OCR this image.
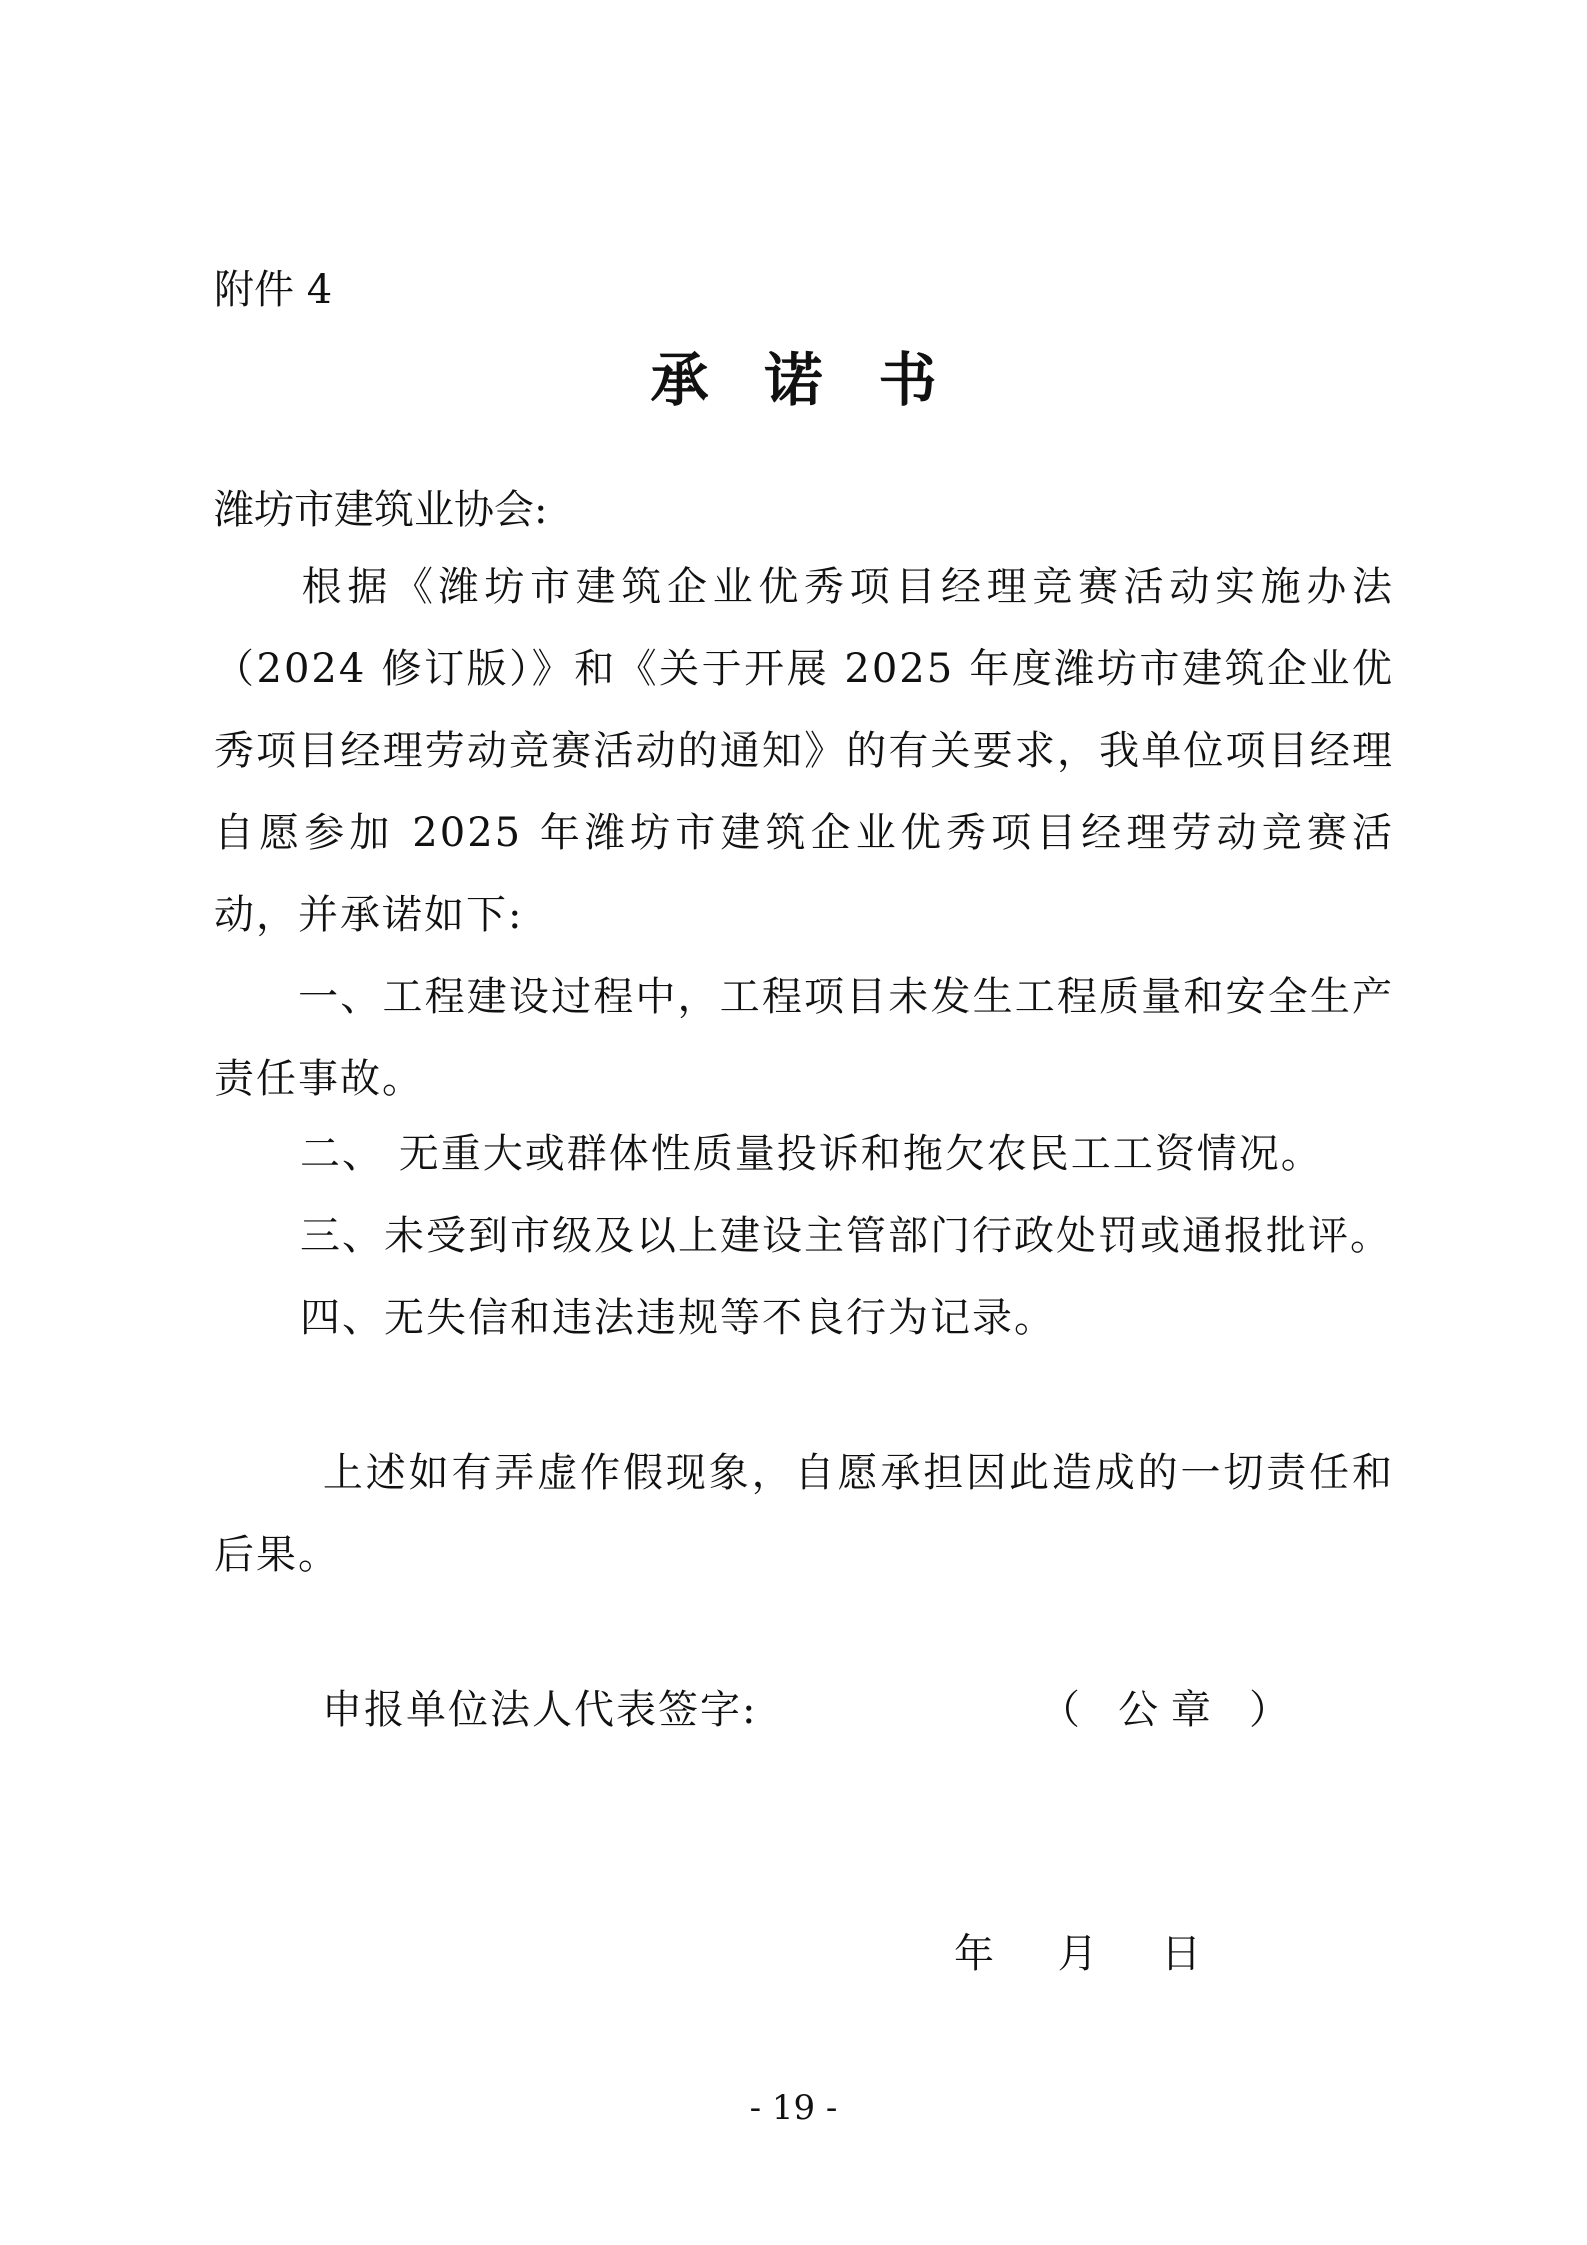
附件 4
承诺书
潍坊市建筑业协会:
根据《潍坊市建筑企业优秀项目经理竞赛活动实施办法（2024 修订版）》和《关于开展 2025 年度潍坊市建筑企业优秀项目经理劳动竞赛活动的通知》的有关要求，我单位项目经理自愿参加 2025 年潍坊市建筑企业优秀项目经理劳动竞赛活动，并承诺如下:
一、工程建设过程中，工程项目未发生工程质量和安全生产责任事故。
二、 无重大或群体性质量投诉和拖欠农民工工资情况。
三、未受到市级及以上建设主管部门行政处罚或通报批评。
四、无失信和违法违规等不良行为记录。
上述如有弄虚作假现象，自愿承担因此造成的一切责任和后果。
申报单位法人代表签字:	（   公 章   ）
年     月     日
- 19 -
